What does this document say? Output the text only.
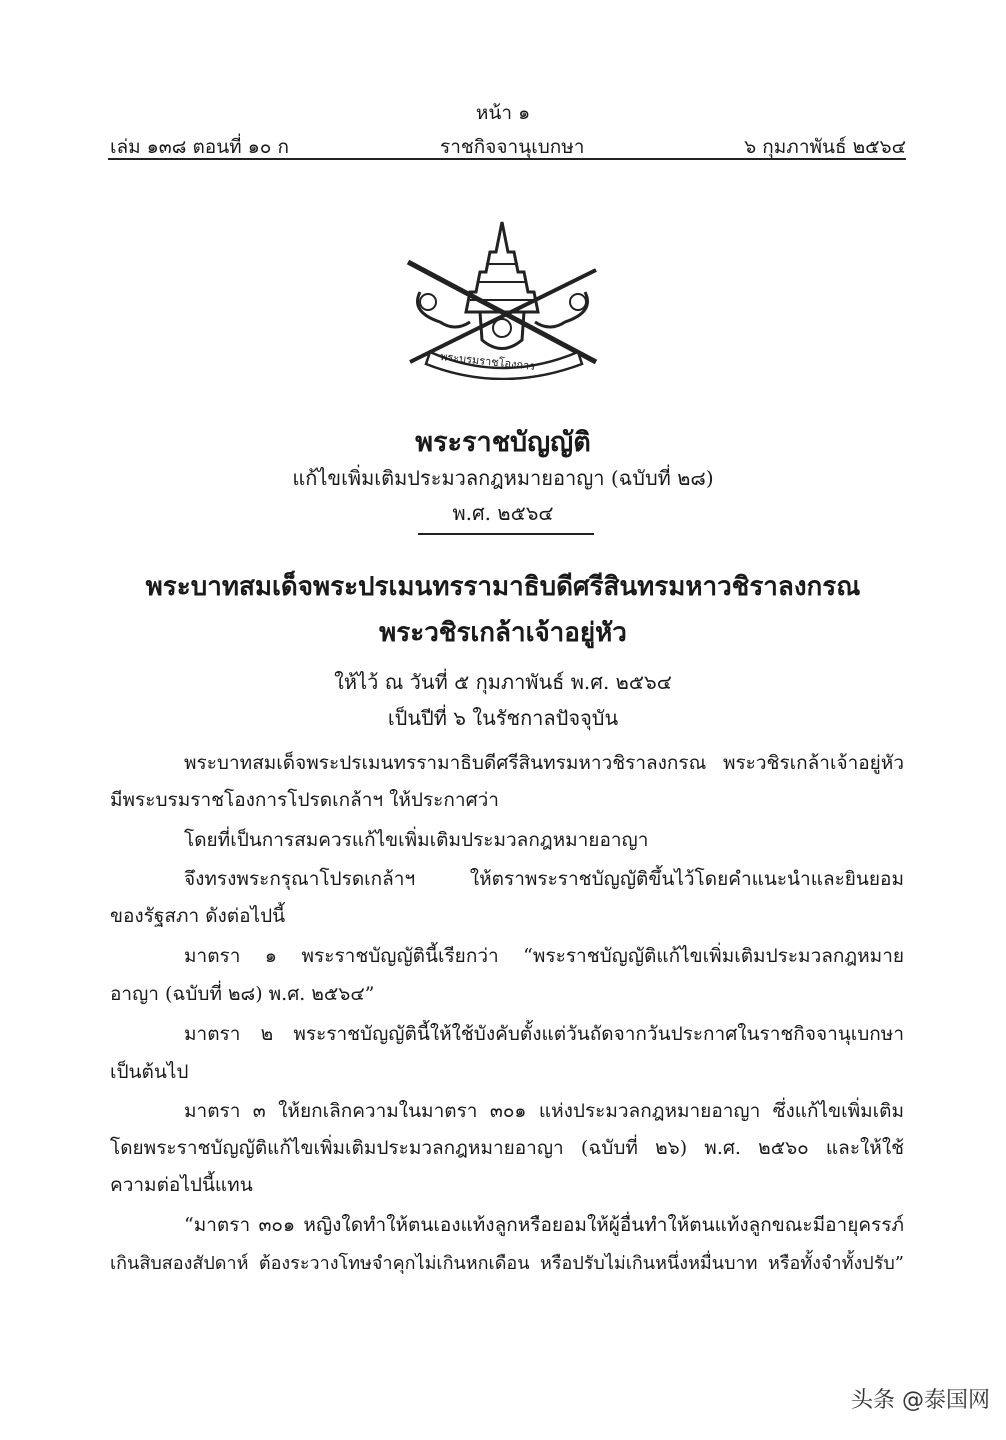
หน้า ๑
เล่ม ๑๓๘ ตอนที่ ๑๐ ก	ราชกิจจานุเบกษา	๖ กุมภาพันธ์ ๒๕๖๔
พระบรมราชโองการ
พระราชบัญญัติ
แก้ไขเพิ่มเติมประมวลกฎหมายอาญา (ฉบับที่ ๒๘)
พ.ศ. ๒๕๖๔
พระบาทสมเด็จพระปรเมนทรรามาธิบดีศรีสินทรมหาวชิราลงกรณ
พระวชิรเกล้าเจ้าอยู่หัว
ให้ไว้ ณ วันที่ ๕ กุมภาพันธ์ พ.ศ. ๒๕๖๔
เป็นปีที่ ๖ ในรัชกาลปัจจุบัน
พระบาทสมเด็จพระปรเมนทรรามาธิบดีศรีสินทรมหาวชิราลงกรณ พระวชิรเกล้าเจ้าอยู่หัว
มีพระบรมราชโองการโปรดเกล้าฯ ให้ประกาศว่า
โดยที่เป็นการสมควรแก้ไขเพิ่มเติมประมวลกฎหมายอาญา
จึงทรงพระกรุณาโปรดเกล้าฯ ให้ตราพระราชบัญญัติขึ้นไว้โดยคำแนะนำและยินยอม
ของรัฐสภา ดังต่อไปนี้
มาตรา ๑ พระราชบัญญัตินี้เรียกว่า “พระราชบัญญัติแก้ไขเพิ่มเติมประมวลกฎหมาย
อาญา (ฉบับที่ ๒๘) พ.ศ. ๒๕๖๔”
มาตรา ๒ พระราชบัญญัตินี้ให้ใช้บังคับตั้งแต่วันถัดจากวันประกาศในราชกิจจานุเบกษา
เป็นต้นไป
มาตรา ๓ ให้ยกเลิกความในมาตรา ๓๐๑ แห่งประมวลกฎหมายอาญา ซึ่งแก้ไขเพิ่มเติม
โดยพระราชบัญญัติแก้ไขเพิ่มเติมประมวลกฎหมายอาญา (ฉบับที่ ๒๖) พ.ศ. ๒๕๖๐ และให้ใช้
ความต่อไปนี้แทน
“มาตรา ๓๐๑ หญิงใดทำให้ตนเองแท้งลูกหรือยอมให้ผู้อื่นทำให้ตนแท้งลูกขณะมีอายุครรภ์
เกินสิบสองสัปดาห์ ต้องระวางโทษจำคุกไม่เกินหกเดือน หรือปรับไม่เกินหนึ่งหมื่นบาท หรือทั้งจำทั้งปรับ”
头条 @泰国网
